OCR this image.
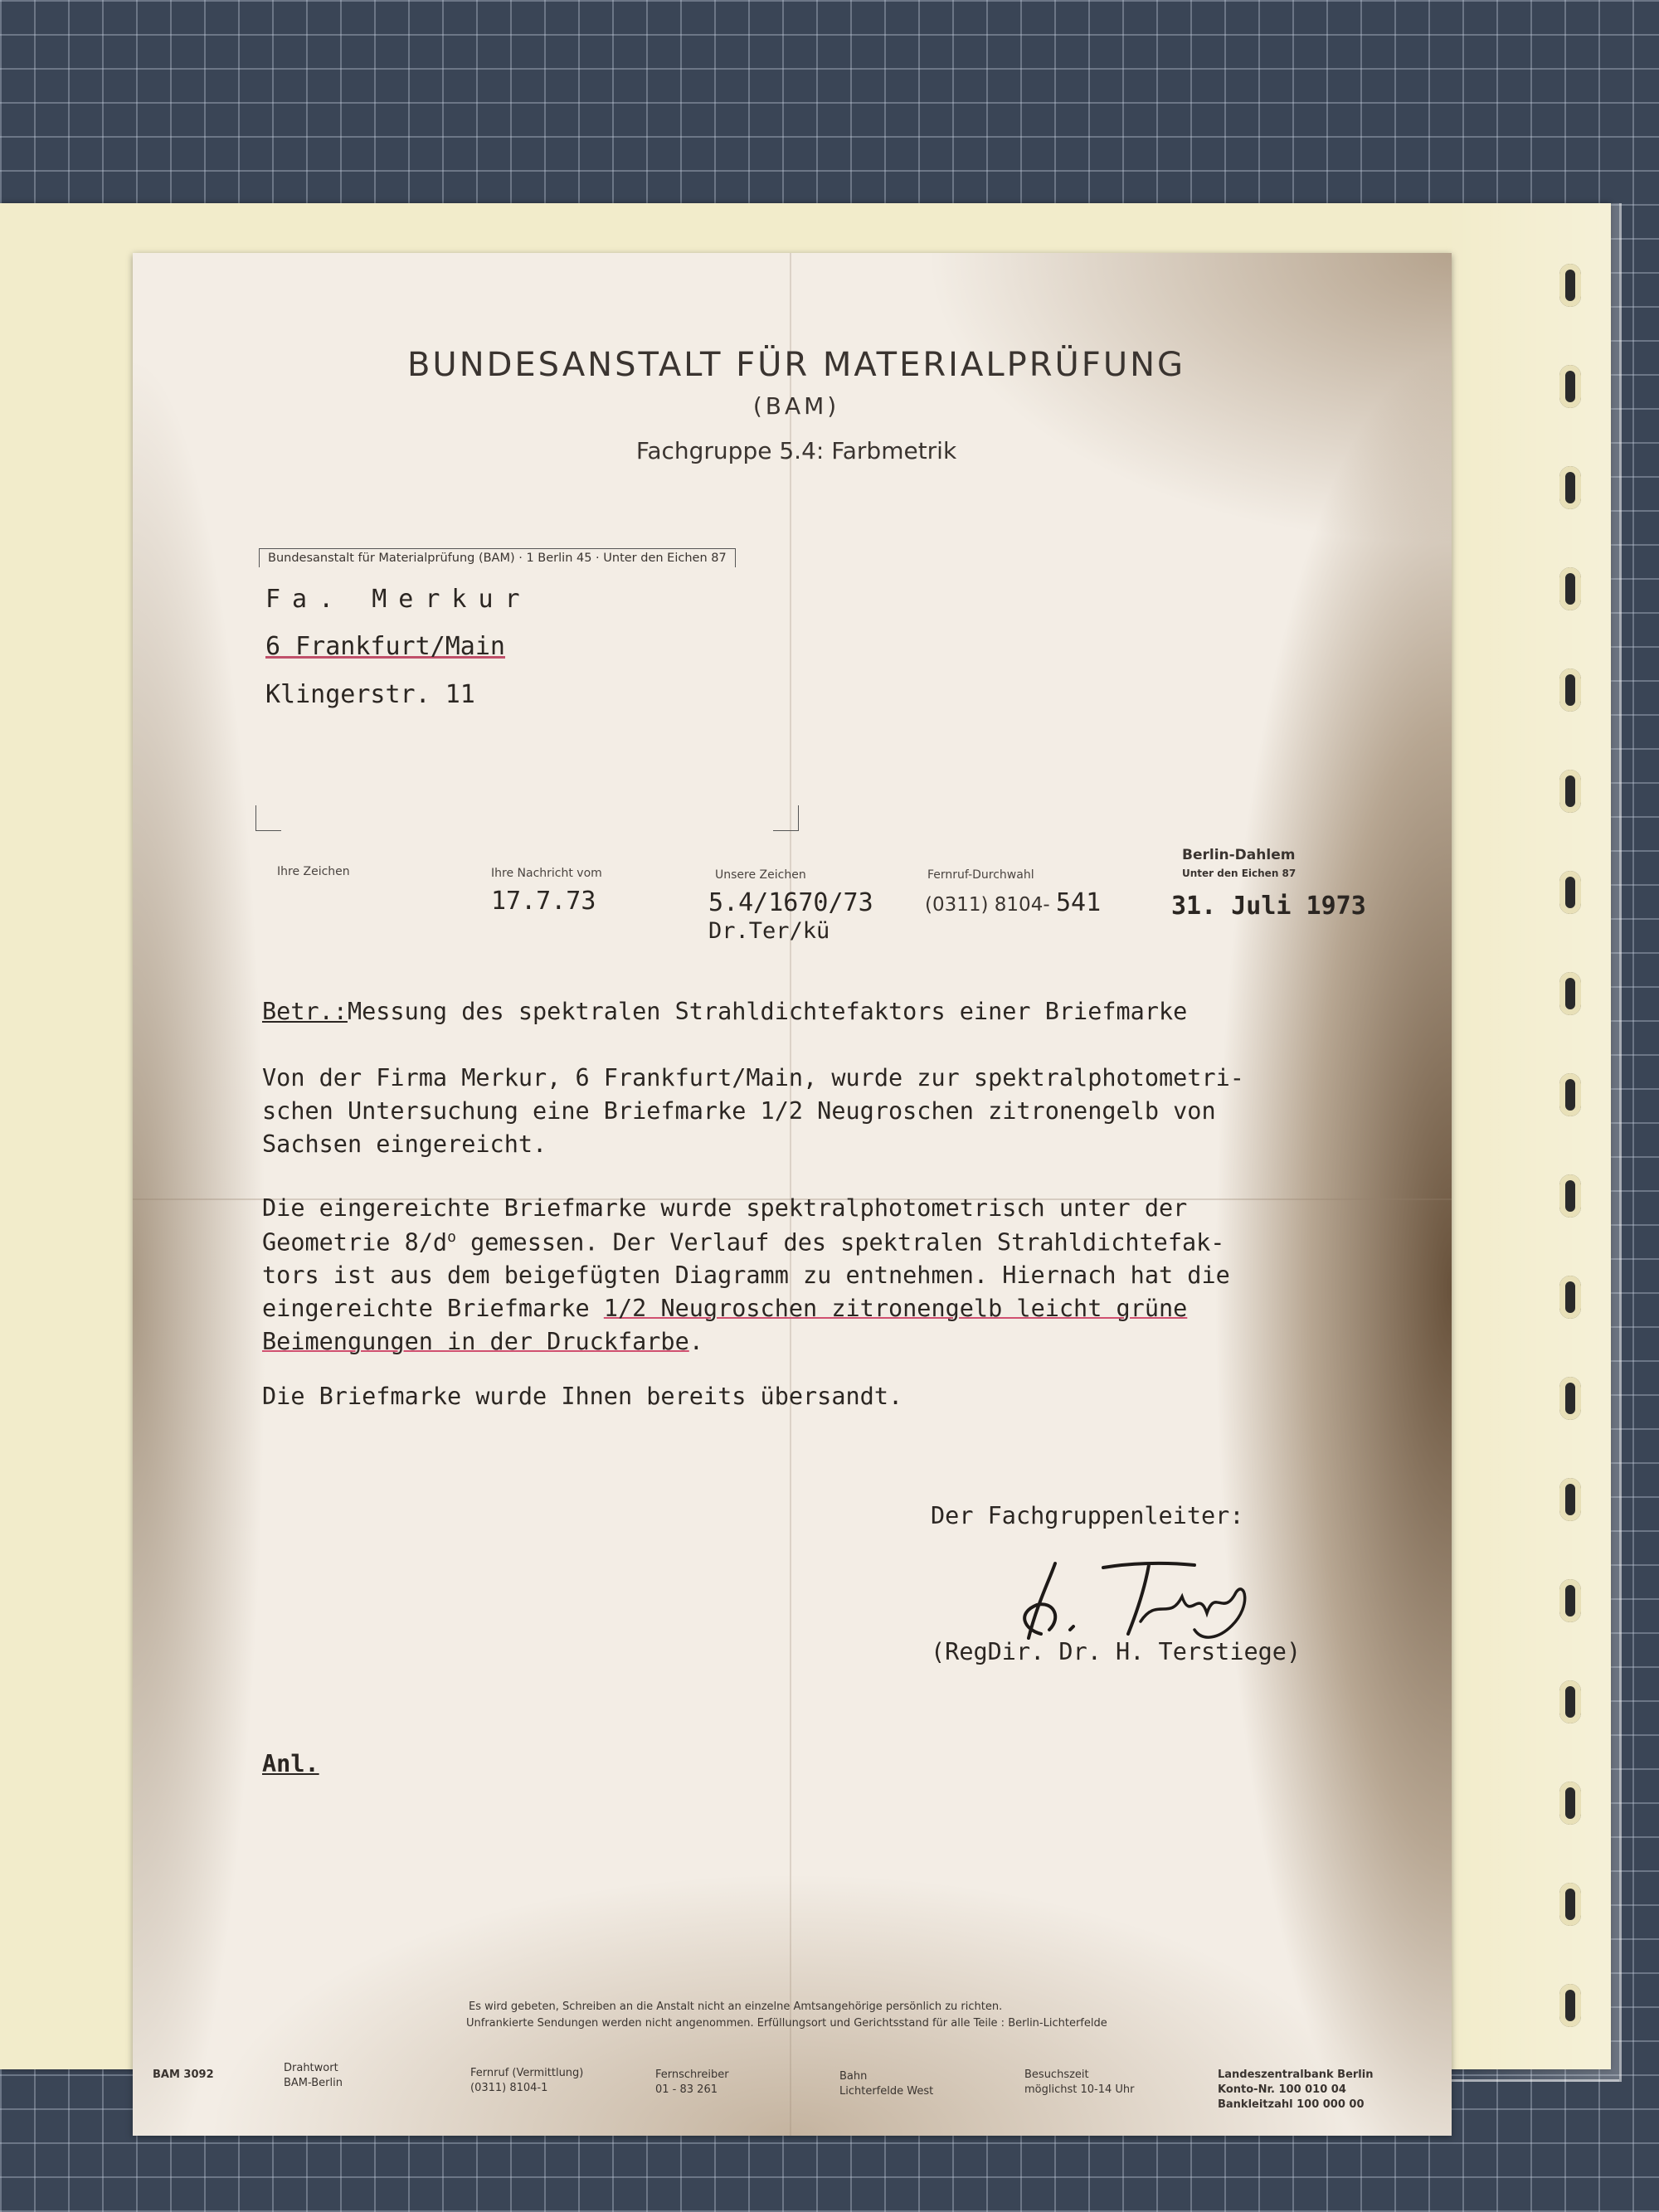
BUNDESANSTALT FÜR MATERIALPRÜFUNG
(BAM)
Fachgruppe 5.4: Farbmetrik
Bundesanstalt für Materialprüfung (BAM) · 1 Berlin 45 · Unter den Eichen 87
Fa. Merkur
6 Frankfurt/Main
Klingerstr. 11
Ihre Zeichen	Ihre Nachricht vom
17.7.73
Unsere Zeichen
5.4/1670/73
Dr.Ter/kü
Fernruf-Durchwahl
(0311) 8104- 541
Berlin-Dahlem
Unter den Eichen 87
31. Juli 1973
Betr.:Messung des spektralen Strahldichtefaktors einer Briefmarke
Von der Firma Merkur, 6 Frankfurt/Main, wurde zur spektralphotometri-
schen Untersuchung eine Briefmarke 1/2 Neugroschen zitronengelb von
Sachsen eingereicht.
Die eingereichte Briefmarke wurde spektralphotometrisch unter der
Geometrie $8/d^o$ gemessen. Der Verlauf des spektralen Strahldichtefak-
tors ist aus dem beigefügten Diagramm zu entnehmen. Hiernach hat die
eingereichte Briefmarke 1/2 Neugroschen zitronengelb leicht grüne
Beimengungen in der Druckfarbe.
Die Briefmarke wurde Ihnen bereits übersandt.
Der Fachgruppenleiter:
(RegDir. Dr. H. Terstiege)
Anl.
Es wird gebeten, Schreiben an die Anstalt nicht an einzelne Amtsangehörige persönlich zu richten.
Unfrankierte Sendungen werden nicht angenommen. Erfüllungsort und Gerichtsstand für alle Teile : Berlin-Lichterfelde
BAM 3092
Drahtwort
BAM-Berlin
Fernruf (Vermittlung)
(0311) 8104-1
Fernschreiber
01 - 83 261
Bahn
Lichterfelde West
Besuchszeit
möglichst 10-14 Uhr
Landeszentralbank Berlin
Konto-Nr. 100 010 04
Bankleitzahl 100 000 00
